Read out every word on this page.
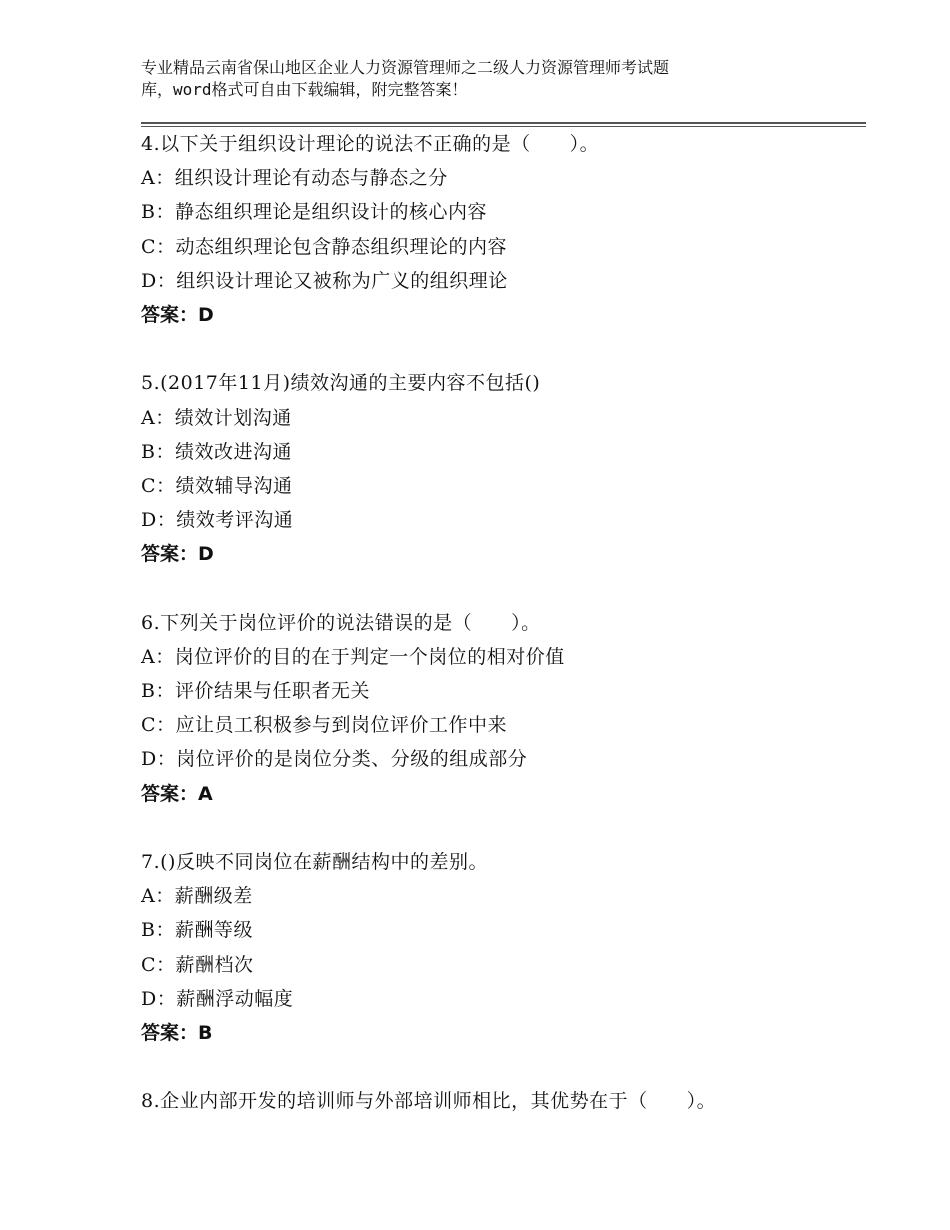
专业精品云南省保山地区企业人力资源管理师之二级人力资源管理师考试题
库，word格式可自由下载编辑，附完整答案！
4.以下关于组织设计理论的说法不正确的是（　　）。
A：组织设计理论有动态与静态之分
B：静态组织理论是组织设计的核心内容
C：动态组织理论包含静态组织理论的内容
D：组织设计理论又被称为广义的组织理论
答案：D
5.(2017年11月)绩效沟通的主要内容不包括()
A：绩效计划沟通
B：绩效改进沟通
C：绩效辅导沟通
D：绩效考评沟通
答案：D
6.下列关于岗位评价的说法错误的是（　　）。
A：岗位评价的目的在于判定一个岗位的相对价值
B：评价结果与任职者无关
C：应让员工积极参与到岗位评价工作中来
D：岗位评价的是岗位分类、分级的组成部分
答案：A
7.()反映不同岗位在薪酬结构中的差别。
A：薪酬级差
B：薪酬等级
C：薪酬档次
D：薪酬浮动幅度
答案：B
8.企业内部开发的培训师与外部培训师相比，其优势在于（　　）。
